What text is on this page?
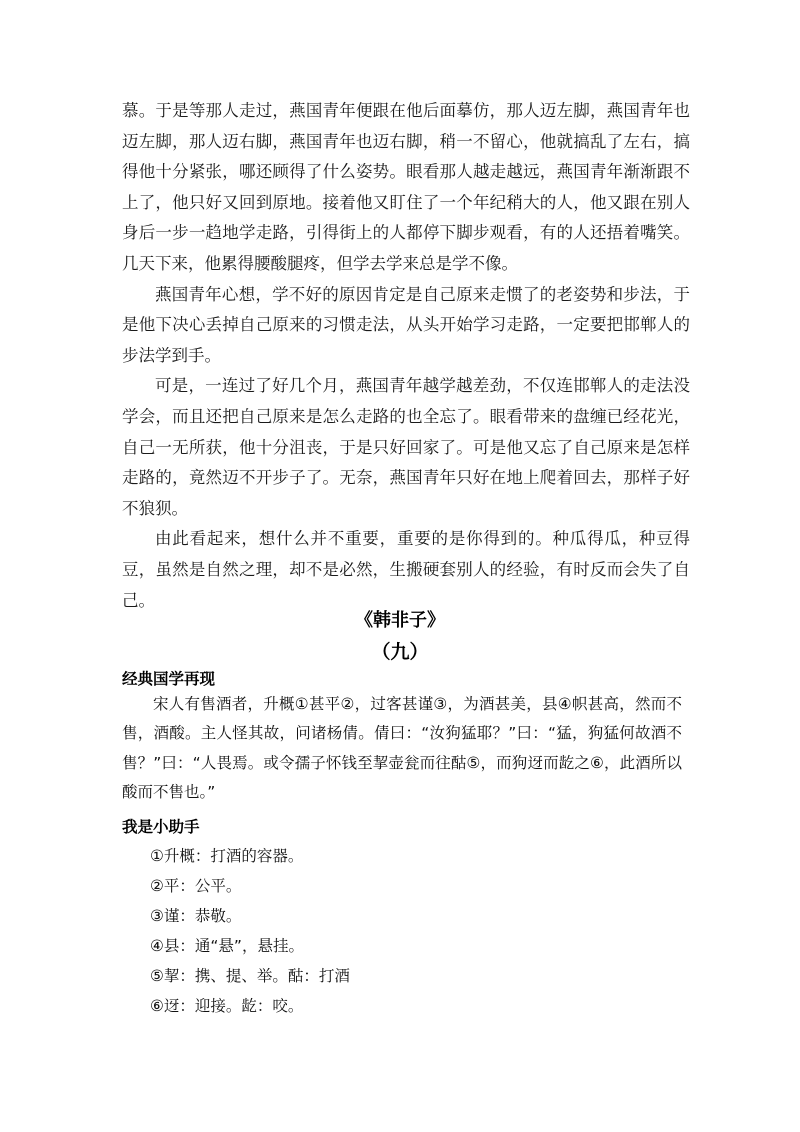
慕。于是等那人走过，燕国青年便跟在他后面摹仿，那人迈左脚，燕国青年也迈左脚，那人迈右脚，燕国青年也迈右脚，稍一不留心，他就搞乱了左右，搞得他十分紧张，哪还顾得了什么姿势。眼看那人越走越远，燕国青年渐渐跟不上了，他只好又回到原地。接着他又盯住了一个年纪稍大的人，他又跟在别人身后一步一趋地学走路，引得街上的人都停下脚步观看，有的人还捂着嘴笑。几天下来，他累得腰酸腿疼，但学去学来总是学不像。

燕国青年心想，学不好的原因肯定是自己原来走惯了的老姿势和步法，于是他下决心丢掉自己原来的习惯走法，从头开始学习走路，一定要把邯郸人的步法学到手。

可是，一连过了好几个月，燕国青年越学越差劲，不仅连邯郸人的走法没学会，而且还把自己原来是怎么走路的也全忘了。眼看带来的盘缠已经花光，自己一无所获，他十分沮丧，于是只好回家了。可是他又忘了自己原来是怎样走路的，竟然迈不开步子了。无奈，燕国青年只好在地上爬着回去，那样子好不狼狈。

由此看起来，想什么并不重要，重要的是你得到的。种瓜得瓜，种豆得豆，虽然是自然之理，却不是必然，生搬硬套别人的经验，有时反而会失了自己。

《韩非子》
（九）
经典国学再现

宋人有售酒者，升概①甚平②，过客甚谨③，为酒甚美，县④帜甚高，然而不售，酒酸。主人怪其故，问诸杨倩。倩曰：“汝狗猛耶？”曰：“猛，狗猛何故酒不售？”曰：“人畏焉。或令孺子怀钱至挈壶瓮而往酤⑤，而狗迓而龁之⑥，此酒所以酸而不售也。”

我是小助手
①升概：打酒的容器。
②平：公平。
③谨：恭敬。
④县：通“悬”，悬挂。
⑤挈：携、提、举。酤：打酒
⑥迓：迎接。龁：咬。
